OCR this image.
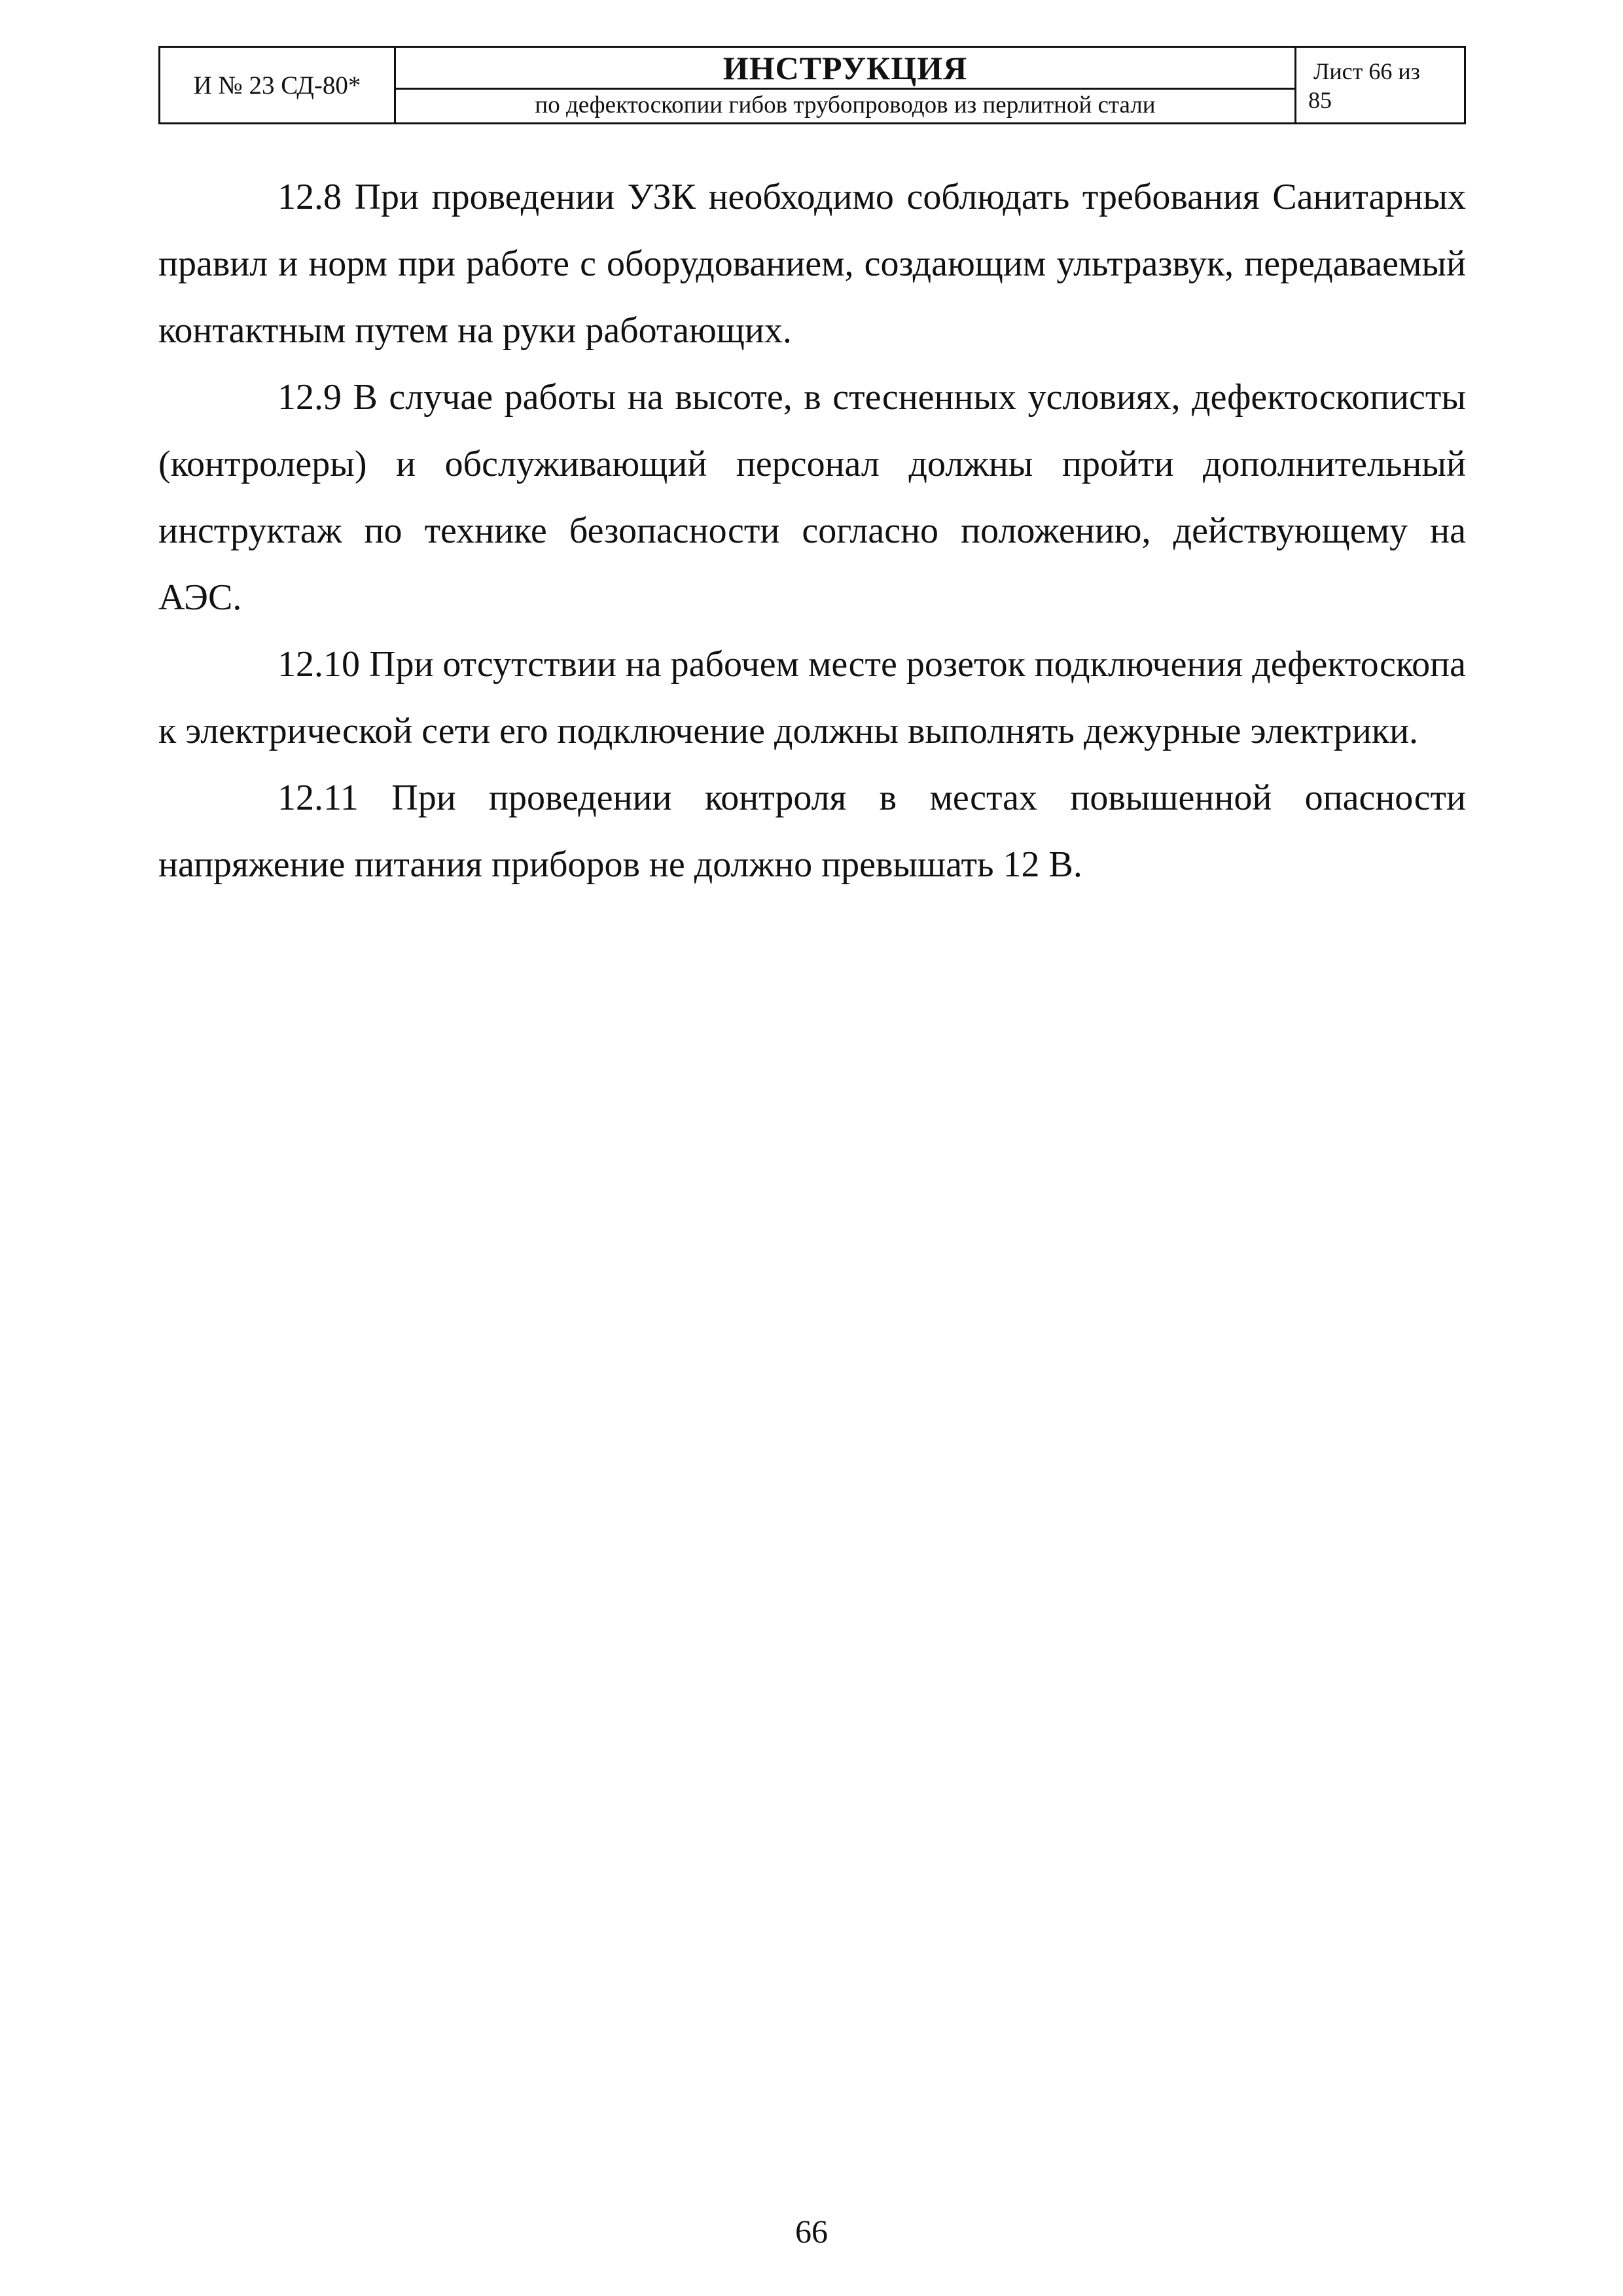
И № 23 СД-80*	ИНСТРУКЦИЯ
по дефектоскопии гибов трубопроводов из перлитной стали
Лист 66 из
85

12.8 При проведении УЗК необходимо соблюдать требования Санитарных правил и норм при работе с оборудованием, создающим ультразвук, передаваемый контактным путем на руки работающих.

12.9 В случае работы на высоте, в стесненных условиях, дефектоскописты (контролеры) и обслуживающий персонал должны пройти дополнительный инструктаж по технике безопасности согласно положению, действующему на АЭС.

12.10 При отсутствии на рабочем месте розеток подключения дефектоскопа к электрической сети его подключение должны выполнять дежурные электрики.

12.11 При проведении контроля в местах повышенной опасности напряжение питания приборов не должно превышать 12 В.

66
